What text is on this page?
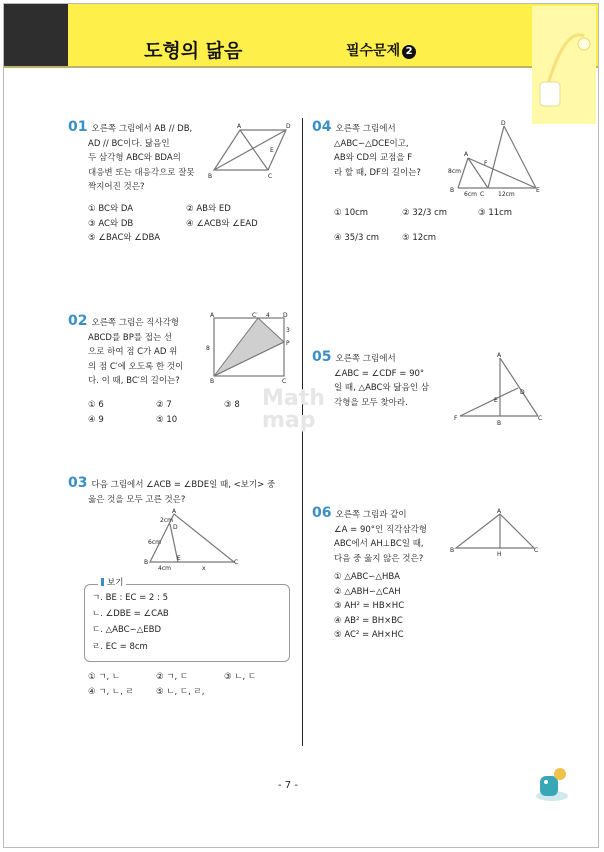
도형의 닮음	필수문제 2
Math
map
01 오른쪽 그림에서 AB // DB,

AD // BC이다. 닮음인
두 삼각형 ABC와 BDA의
대응변 또는 대응각으로 잘못
짝지어진 것은?
① BC와 DA	② AB와 ED
③ AC와 DB	④ ∠ACB와 ∠EAD
⑤ ∠BAC와 ∠DBA
A	D
E
B	C
02 오른쪽 그림은 직사각형

ABCD를 BP를 접는 선
으로 하여 점 C가 AD 위
의 점 C′에 오도록 한 것이
다. 이 때, BC′의 길이는?
① 6	② 7	③ 8
④ 9	⑤ 10
A	C′ 4 D
3
P
8
B	C
03 다음 그림에서 ∠ACB = ∠BDE일 때, <보기> 중

옳은 것을 모두 고른 것은?
A
2cm
D
6cm
B
E
4cm	x
C
보기
ㄱ. BE : EC = 2 : 5
ㄴ. ∠DBE = ∠CAB
ㄷ. △ABC∽△EBD
ㄹ. EC = 8cm
① ㄱ, ㄴ	② ㄱ, ㄷ	③ ㄴ, ㄷ
④ ㄱ, ㄴ, ㄹ	⑤ ㄴ, ㄷ, ㄹ,
04 오른쪽 그림에서

△ABC∽△DCE이고,
AB와 CD의 교점을 F
라 할 때, DF의 길이는?
① 10cm	② 32/3 cm	③ 11cm
④ 35/3 cm	⑤ 12cm
D
A
F
8cm
B
6cm C 12cm
E
05 오른쪽 그림에서

∠ABC = ∠CDF = 90°
일 때, △ABC와 닮음인 삼
각형을 모두 찾아라.
A
E
D
F
B
C
06 오른쪽 그림과 같이

∠A = 90°인 직각삼각형
ABC에서 AH⊥BC일 때,
다음 중 옳지 않은 것은?
① △ABC∽△HBA
② △ABH∽△CAH
③ AH² = HB×HC
④ AB² = BH×BC
⑤ AC² = AH×HC
A
B
H
C
- 7 -
